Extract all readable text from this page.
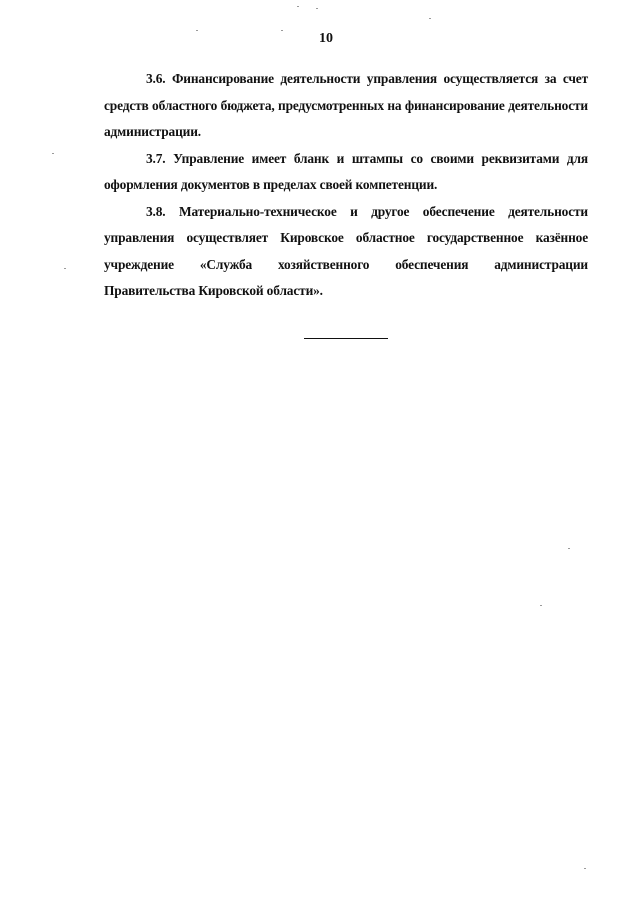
10

3.6. Финансирование деятельности управления осуществляется за счет средств областного бюджета, предусмотренных на финансирование деятельности администрации.

3.7. Управление имеет бланк и штампы со своими реквизитами для оформления документов в пределах своей компетенции.

3.8. Материально-техническое и другое обеспечение деятельности управления осуществляет Кировское областное государственное казённое учреждение «Служба хозяйственного обеспечения администрации Правительства Кировской области».
